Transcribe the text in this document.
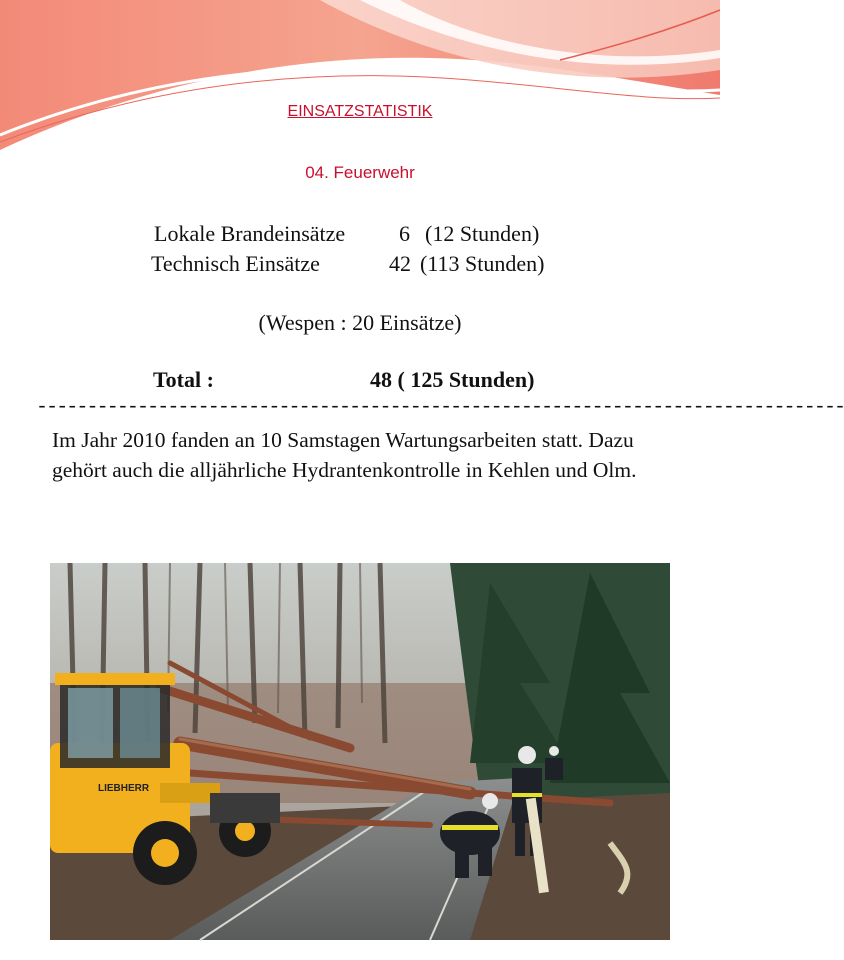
EINSATZSTATISTIK
04. Feuerwehr
Lokale Brandeinsätze 6 (12 Stunden)
Technisch Einsätze	42 (113 Stunden)
(Wespen : 20 Einsätze)
Total :	48 ( 125 Stunden)
--------------------------------------------------------------------------------
Im Jahr 2010 fanden an 10 Samstagen Wartungsarbeiten statt. Dazu gehört auch die alljährliche Hydrantenkontrolle in Kehlen und Olm.
LIEBHERR
